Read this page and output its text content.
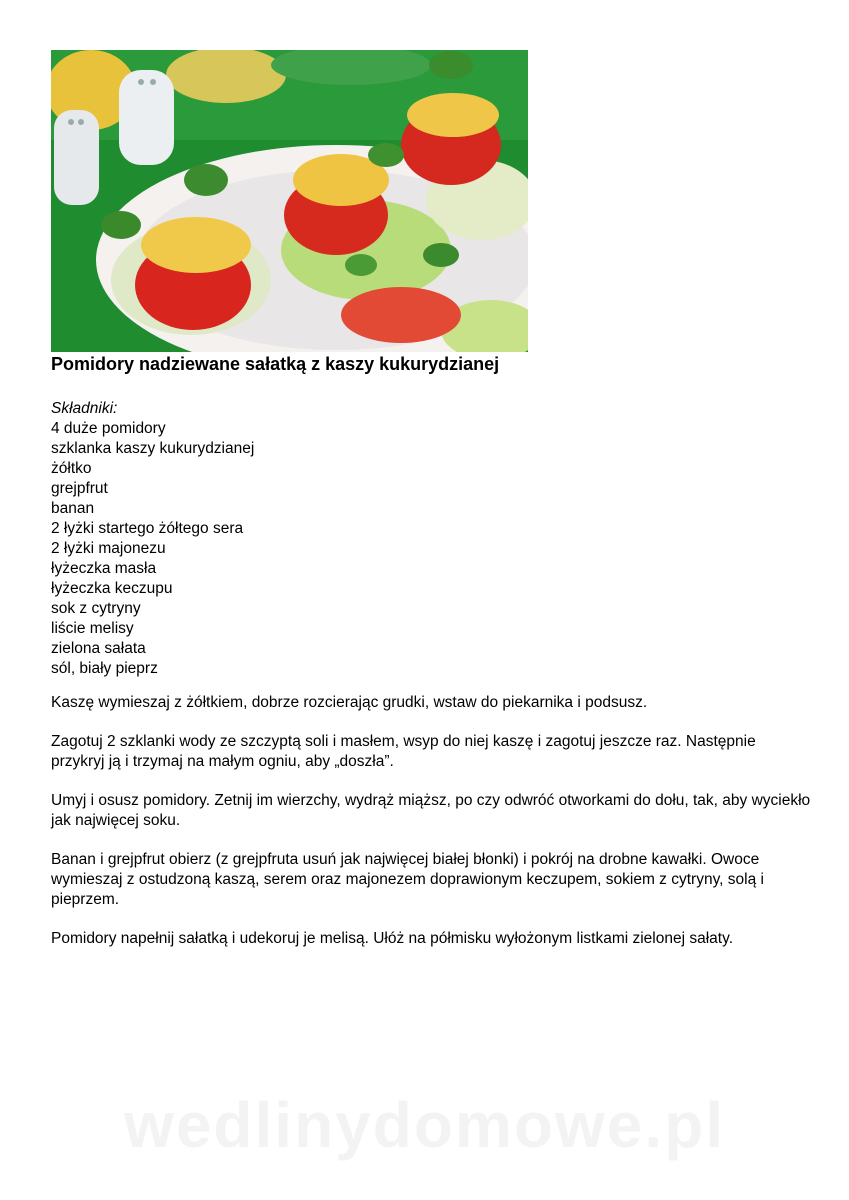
Pomidory nadziewane sałatką z kaszy kukurydzianej
Składniki:
4 duże pomidory
szklanka kaszy kukurydzianej
żółtko
grejpfrut
banan
2 łyżki startego żółtego sera
2 łyżki majonezu
łyżeczka masła
łyżeczka keczupu
sok z cytryny
liście melisy
zielona sałata
sól, biały pieprz

Kaszę wymieszaj z żółtkiem, dobrze rozcierając grudki, wstaw do piekarnika i podsusz.

Zagotuj 2 szklanki wody ze szczyptą soli i masłem, wsyp do niej kaszę i zagotuj jeszcze raz. Następnie przykryj ją i trzymaj na małym ogniu, aby „doszła”.

Umyj i osusz pomidory. Zetnij im wierzchy, wydrąż miąższ, po czy odwróć otworkami do dołu, tak, aby wyciekło jak najwięcej soku.

Banan i grejpfrut obierz (z grejpfruta usuń jak najwięcej białej błonki) i pokrój na drobne kawałki. Owoce wymieszaj z ostudzoną kaszą, serem oraz majonezem doprawionym keczupem, sokiem z cytryny, solą i pieprzem.

Pomidory napełnij sałatką i udekoruj je melisą. Ułóż na półmisku wyłożonym listkami zielonej sałaty.

wedlinydomowe.pl
